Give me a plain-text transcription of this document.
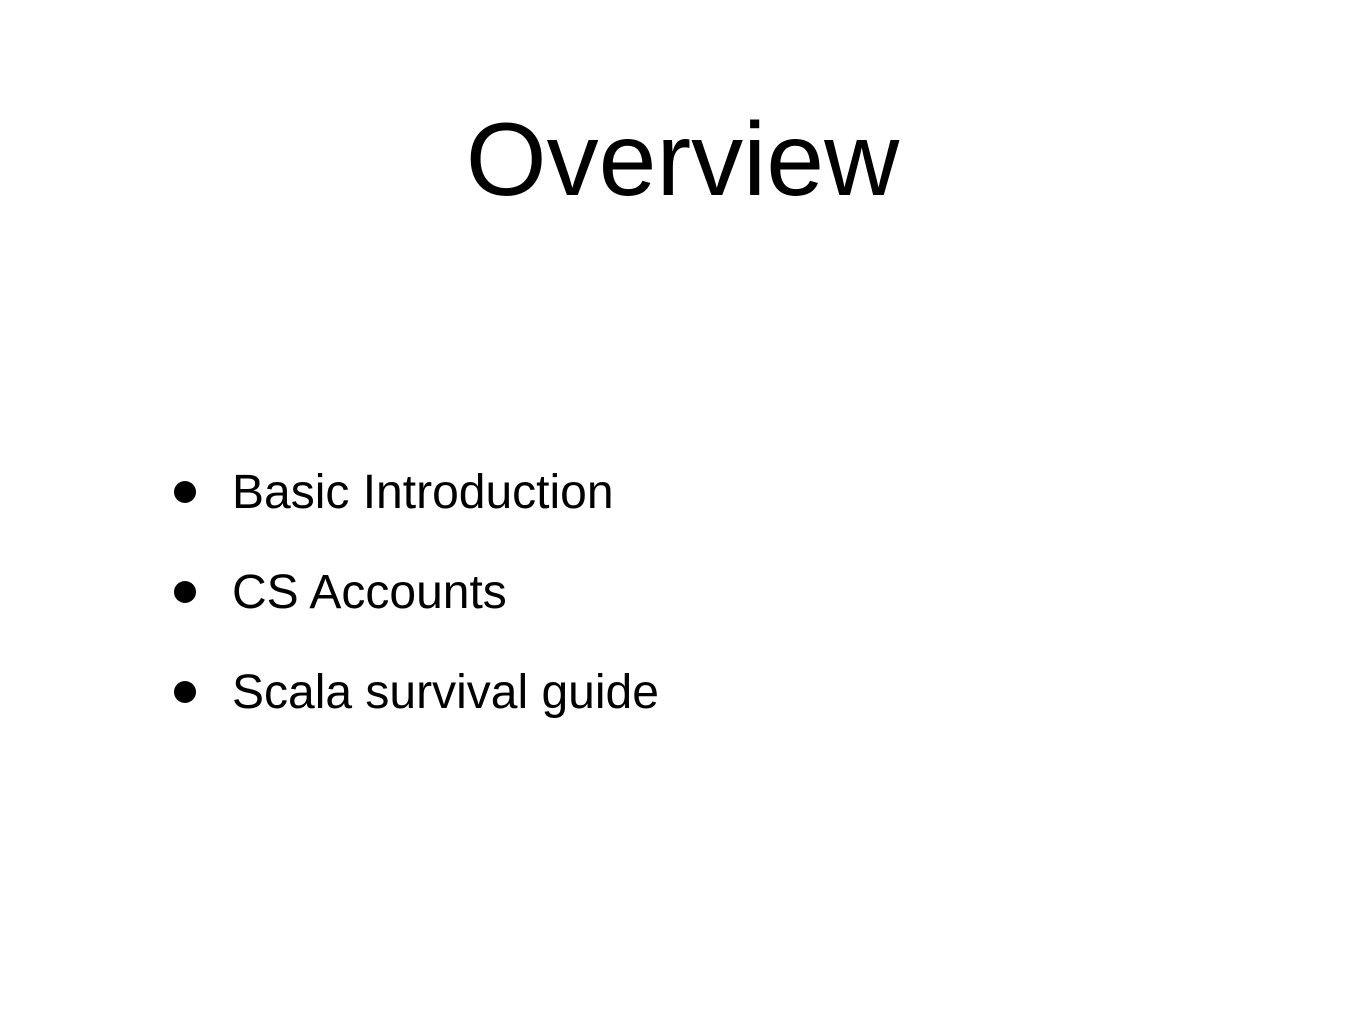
Overview
Basic Introduction
CS Accounts
Scala survival guide
